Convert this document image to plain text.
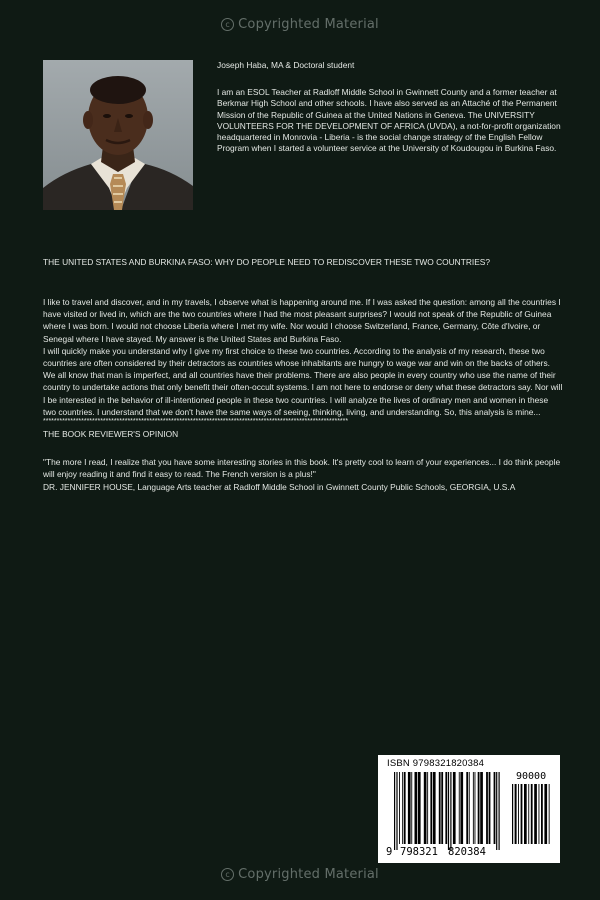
c Copyrighted Material

Joseph Haba, MA & Doctoral student

I am an ESOL Teacher at Radloff Middle School in Gwinnett County and a former teacher at Berkmar High School and other schools. I have also served as an Attaché of the Permanent Mission of the Republic of Guinea at the United Nations in Geneva. The UNIVERSITY VOLUNTEERS FOR THE DEVELOPMENT OF AFRICA (UVDA), a not-for-profit organization headquartered in Monrovia - Liberia - is the social change strategy of the English Fellow Program when I started a volunteer service at the University of Koudougou in Burkina Faso.

THE UNITED STATES AND BURKINA FASO: WHY DO PEOPLE NEED TO REDISCOVER THESE TWO COUNTRIES?

I like to travel and discover, and in my travels, I observe what is happening around me. If I was asked the question: among all the countries I have visited or lived in, which are the two countries where I had the most pleasant surprises? I would not speak of the Republic of Guinea where I was born. I would not choose Liberia where I met my wife. Nor would I choose Switzerland, France, Germany, Côte d'Ivoire, or Senegal where I have stayed. My answer is the United States and Burkina Faso.

I will quickly make you understand why I give my first choice to these two countries. According to the analysis of my research, these two countries are often considered by their detractors as countries whose inhabitants are hungry to wage war and win on the backs of others. We all know that man is imperfect, and all countries have their problems. There are also people in every country who use the name of their country to undertake actions that only benefit their often-occult systems. I am not here to endorse or deny what these detractors say. Nor will I be interested in the behavior of ill-intentioned people in these two countries. I will analyze the lives of ordinary men and women in these two countries. I understand that we don't have the same ways of seeing, thinking, living, and understanding. So, this analysis is mine...

****************************************************************************************************************

THE BOOK REVIEWER'S OPINION

"The more I read, I realize that you have some interesting stories in this book. It's pretty cool to learn of your experiences... I do think people will enjoy reading it and find it easy to read. The French version is a plus!"

DR. JENNIFER HOUSE, Language Arts teacher at Radloff Middle School in Gwinnett County Public Schools, GEORGIA, U.S.A

ISBN 9798321820384
90000
9 798321 820384
c Copyrighted Material
